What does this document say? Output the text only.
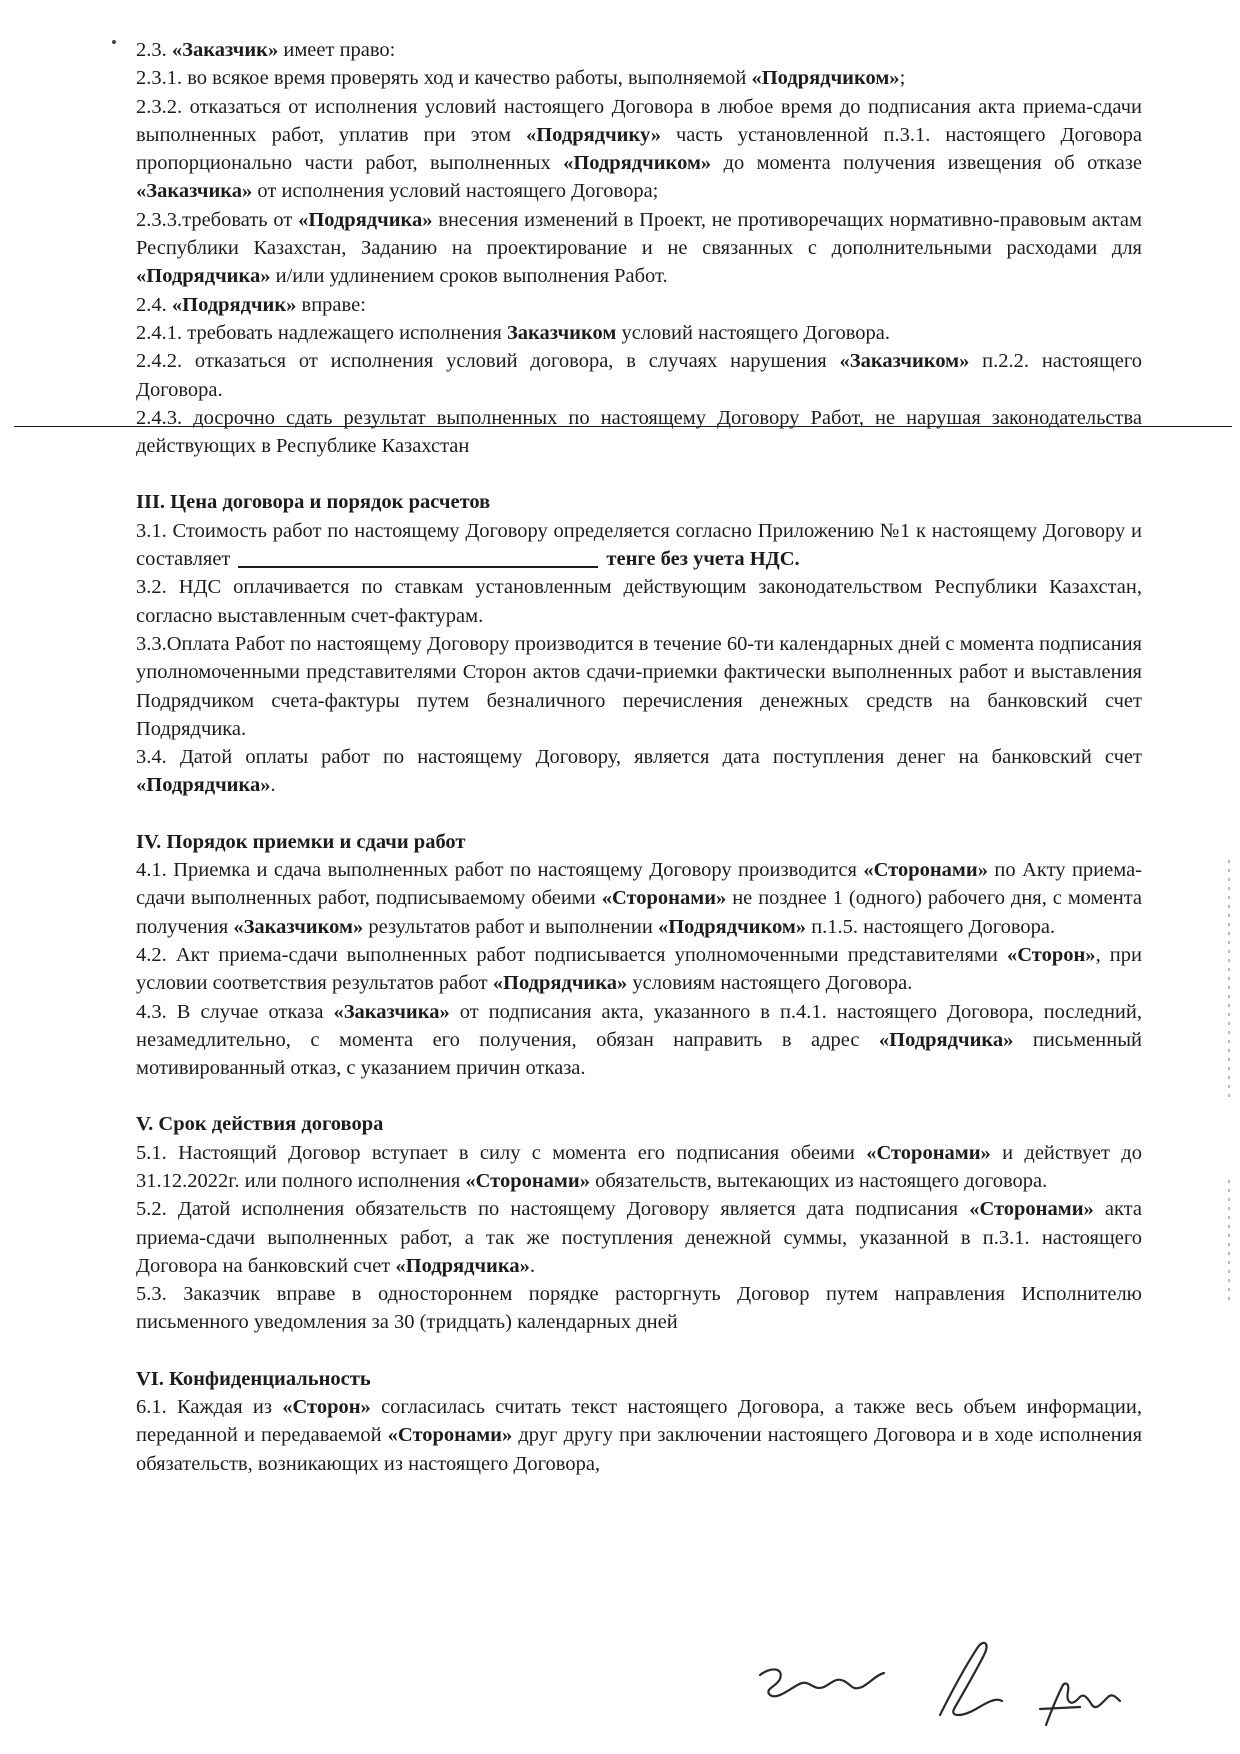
2.3. «Заказчик» имеет право:

2.3.1. во всякое время проверять ход и качество работы, выполняемой «Подрядчиком»;

2.3.2. отказаться от исполнения условий настоящего Договора в любое время до подписания акта приема-сдачи выполненных работ, уплатив при этом «Подрядчику» часть установленной п.3.1. настоящего Договора пропорционально части работ, выполненных «Подрядчиком» до момента получения извещения об отказе «Заказчика» от исполнения условий настоящего Договора;

2.3.3.требовать от «Подрядчика» внесения изменений в Проект, не противоречащих нормативно-правовым актам Республики Казахстан, Заданию на проектирование и не связанных с дополнительными расходами для «Подрядчика» и/или удлинением сроков выполнения Работ.

2.4. «Подрядчик» вправе:

2.4.1. требовать надлежащего исполнения Заказчиком условий настоящего Договора.

2.4.2. отказаться от исполнения условий договора, в случаях нарушения «Заказчиком» п.2.2. настоящего Договора.

2.4.3. досрочно сдать результат выполненных по настоящему Договору Работ, не нарушая законодательства действующих в Республике Казахстан

III. Цена договора и порядок расчетов

3.1. Стоимость работ по настоящему Договору определяется согласно Приложению №1 к настоящему Договору и составляет	тенге без учета НДС.

3.2. НДС оплачивается по ставкам установленным действующим законодательством Республики Казахстан, согласно выставленным счет-фактурам.

3.3.Оплата Работ по настоящему Договору производится в течение 60-ти календарных дней с момента подписания уполномоченными представителями Сторон актов сдачи-приемки фактически выполненных работ и выставления Подрядчиком счета-фактуры путем безналичного перечисления денежных средств на банковский счет Подрядчика.

3.4. Датой оплаты работ по настоящему Договору, является дата поступления денег на банковский счет «Подрядчика».

IV. Порядок приемки и сдачи работ

4.1. Приемка и сдача выполненных работ по настоящему Договору производится «Сторонами» по Акту приема-сдачи выполненных работ, подписываемому обеими «Сторонами» не позднее 1 (одного) рабочего дня, с момента получения «Заказчиком» результатов работ и выполнении «Подрядчиком» п.1.5. настоящего Договора.

4.2. Акт приема-сдачи выполненных работ подписывается уполномоченными представителями «Сторон», при условии соответствия результатов работ «Подрядчика» условиям настоящего Договора.

4.3. В случае отказа «Заказчика» от подписания акта, указанного в п.4.1. настоящего Договора, последний, незамедлительно, с момента его получения, обязан направить в адрес «Подрядчика» письменный мотивированный отказ, с указанием причин отказа.

V. Срок действия договора

5.1. Настоящий Договор вступает в силу с момента его подписания обеими «Сторонами» и действует до 31.12.2022г. или полного исполнения «Сторонами» обязательств, вытекающих из настоящего договора.

5.2. Датой исполнения обязательств по настоящему Договору является дата подписания «Сторонами» акта приема-сдачи выполненных работ, а так же поступления денежной суммы, указанной в п.3.1. настоящего Договора на банковский счет «Подрядчика».

5.3. Заказчик вправе в одностороннем порядке расторгнуть Договор путем направления Исполнителю письменного уведомления за 30 (тридцать) календарных дней

VI. Конфиденциальность

6.1. Каждая из «Сторон» согласилась считать текст настоящего Договора, а также весь объем информации, переданной и передаваемой «Сторонами» друг другу при заключении настоящего Договора и в ходе исполнения обязательств, возникающих из настоящего Договора,
